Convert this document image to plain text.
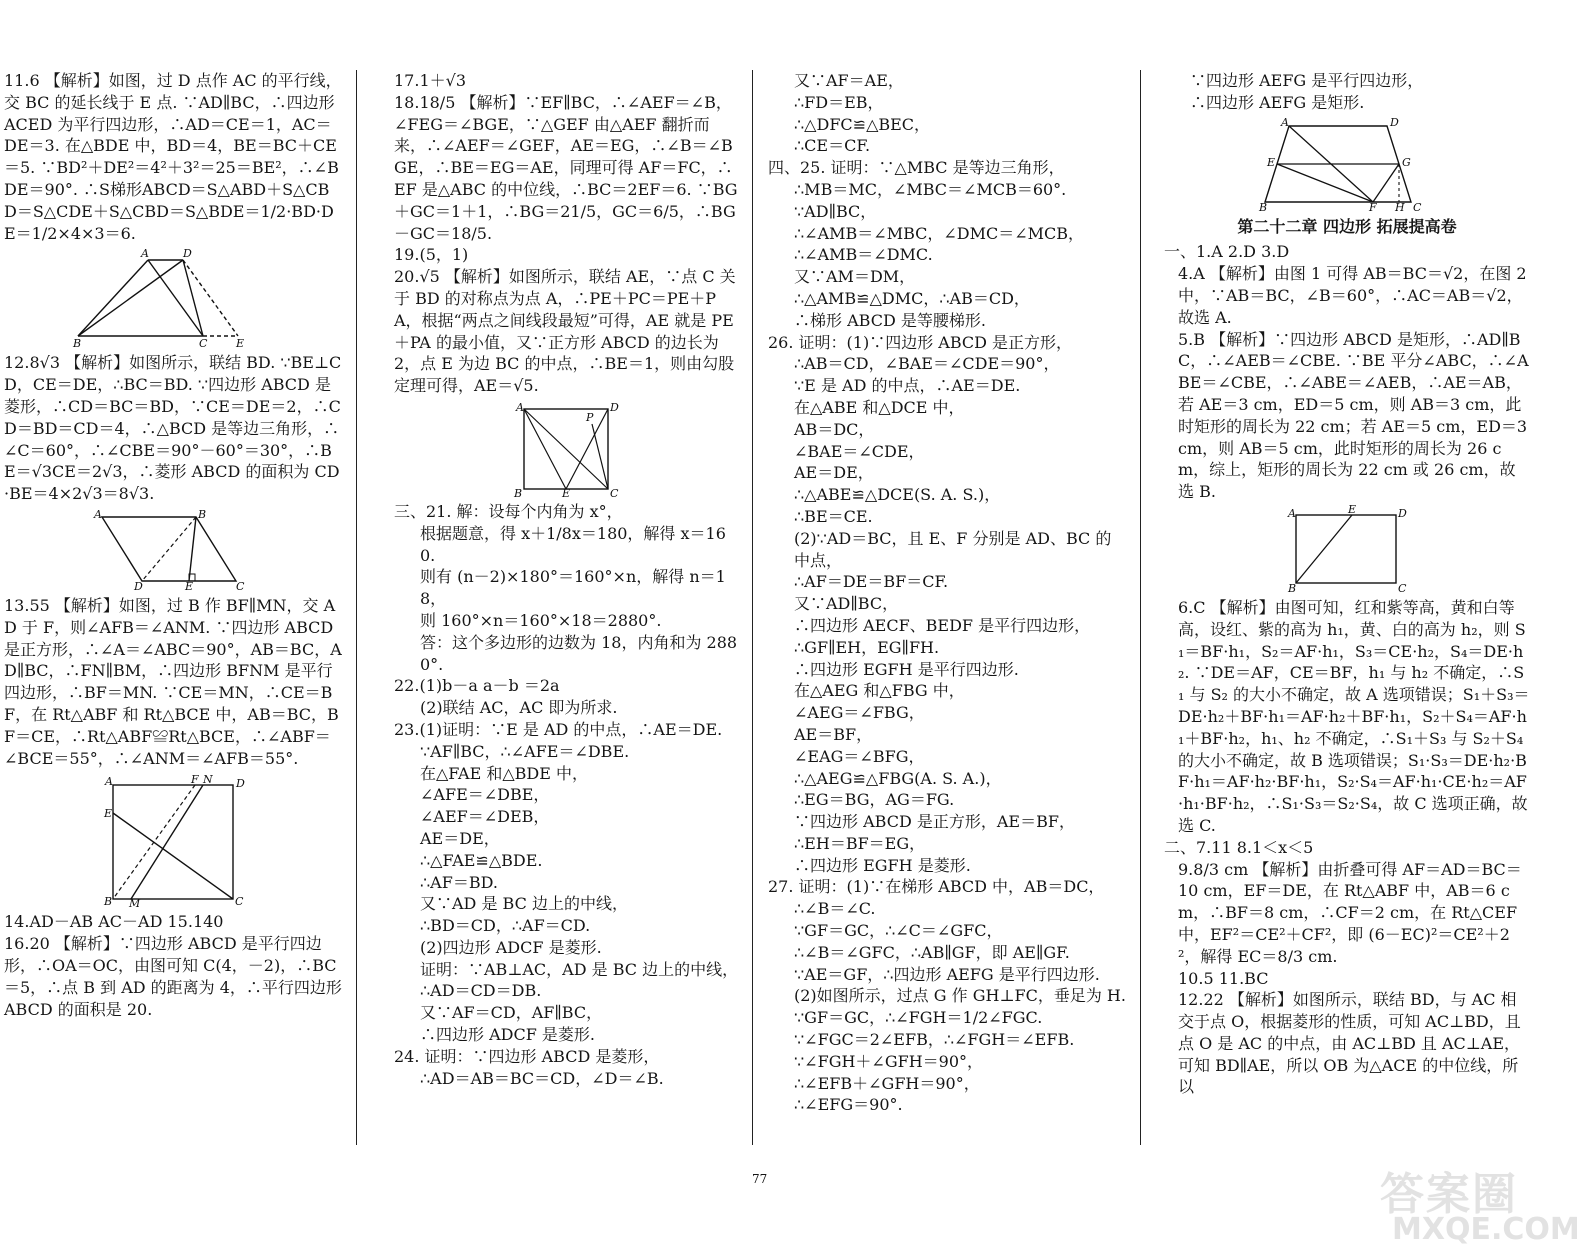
11.6 【解析】如图，过 D 点作 AC 的平行线，交 BC 的延长线于 E 点. ∵AD∥BC，∴四边形 ACED 为平行四边形，∴AD＝CE＝1，AC＝DE＝3. 在△BDE 中，BD＝4，BE＝BC＋CE＝5. ∵BD²＋DE²＝4²＋3²＝25＝BE²，∴∠BDE＝90°. ∴S梯形ABCD＝S△ABD＋S△CBD＝S△CDE＋S△CBD＝S△BDE＝1/2·BD·DE＝1/2×4×3＝6.

A	D
B	C	E

12.8√3 【解析】如图所示，联结 BD. ∵BE⊥CD，CE＝DE，∴BC＝BD. ∵四边形 ABCD 是菱形，∴CD＝BC＝BD，∵CE＝DE＝2，∴CD＝BD＝CD＝4，∴△BCD 是等边三角形，∴∠C＝60°，∴∠CBE＝90°－60°＝30°，∴BE＝√3CE＝2√3，∴菱形 ABCD 的面积为 CD·BE＝4×2√3＝8√3.

A	B
D	E	C

13.55 【解析】如图，过 B 作 BF∥MN，交 AD 于 F，则∠AFB＝∠ANM. ∵四边形 ABCD 是正方形，∴∠A＝∠ABC＝90°，AB＝BC，AD∥BC，∴FN∥BM，∴四边形 BFNM 是平行四边形，∴BF＝MN. ∵CE＝MN，∴CE＝BF，在 Rt△ABF 和 Rt△BCE 中，AB＝BC，BF＝CE，∴Rt△ABF≌Rt△BCE，∴∠ABF＝∠BCE＝55°，∴∠ANM＝∠AFB＝55°.

A	F N D
E
B M	C

14.AD－AB AC－AD 15.140

16.20 【解析】∵四边形 ABCD 是平行四边形，∴OA＝OC，由图可知 C(4，－2)，∴BC＝5，∴点 B 到 AD 的距离为 4，∴平行四边形 ABCD 的面积是 20.

17.1＋√3

18.18/5 【解析】∵EF∥BC，∴∠AEF＝∠B，∠FEG＝∠BGE，∵△GEF 由△AEF 翻折而来，∴∠AEF＝∠GEF，AE＝EG，∴∠B＝∠BGE，∴BE＝EG＝AE，同理可得 AF＝FC，∴EF 是△ABC 的中位线，∴BC＝2EF＝6. ∵BG＋GC＝1＋1，∴BG＝21/5，GC＝6/5，∴BG－GC＝18/5.

19.(5，1)

20.√5 【解析】如图所示，联结 AE，∵点 C 关于 BD 的对称点为点 A，∴PE＋PC＝PE＋PA，根据“两点之间线段最短”可得，AE 就是 PE＋PA 的最小值，又∵正方形 ABCD 的边长为 2，点 E 为边 BC 的中点，∴BE＝1，则由勾股定理可得，AE＝√5.

A	D
P
B	E	C

三、21. 解：设每个内角为 x°，

根据题意，得 x＋1/8x＝180，解得 x＝160.

则有 (n－2)×180°＝160°×n，解得 n＝18，

则 160°×n＝160°×18＝2880°.

答：这个多边形的边数为 18，内角和为 2880°.

22.(1)b－a a－b ＝2a

(2)联结 AC，AC 即为所求.

23.(1)证明：∵E 是 AD 的中点，∴AE＝DE.

∵AF∥BC，∴∠AFE＝∠DBE.

在△FAE 和△BDE 中，

∠AFE＝∠DBE，

∠AEF＝∠DEB，

AE＝DE，

∴△FAE≌△BDE.

∴AF＝BD.

又∵AD 是 BC 边上的中线，

∴BD＝CD，∴AF＝CD.

(2)四边形 ADCF 是菱形.

证明：∵AB⊥AC，AD 是 BC 边上的中线，

∴AD＝CD＝DB.

又∵AF＝CD，AF∥BC，

∴四边形 ADCF 是菱形.

24. 证明：∵四边形 ABCD 是菱形，

∴AD＝AB＝BC＝CD，∠D＝∠B.

又∵AF＝AE，

∴FD＝EB，

∴△DFC≌△BEC，

∴CE＝CF.

四、25. 证明：∵△MBC 是等边三角形，

∴MB＝MC，∠MBC＝∠MCB＝60°.

∵AD∥BC，

∴∠AMB＝∠MBC，∠DMC＝∠MCB，

∴∠AMB＝∠DMC.

又∵AM＝DM，

∴△AMB≌△DMC，∴AB＝CD，

∴梯形 ABCD 是等腰梯形.

26. 证明：(1)∵四边形 ABCD 是正方形，

∴AB＝CD，∠BAE＝∠CDE＝90°，

∵E 是 AD 的中点，∴AE＝DE.

在△ABE 和△DCE 中，

AB＝DC，

∠BAE＝∠CDE，

AE＝DE，

∴△ABE≌△DCE(S. A. S.)，

∴BE＝CE.

(2)∵AD＝BC，且 E、F 分别是 AD、BC 的中点，

∴AF＝DE＝BF＝CF.

又∵AD∥BC，

∴四边形 AECF、BEDF 是平行四边形，

∴GF∥EH，EG∥FH.

∴四边形 EGFH 是平行四边形.

在△AEG 和△FBG 中，

∠AEG＝∠FBG，

AE＝BF，

∠EAG＝∠BFG，

∴△AEG≌△FBG(A. S. A.)，

∴EG＝BG，AG＝FG.

∵四边形 ABCD 是正方形，AE＝BF，

∴EH＝BF＝EG，

∴四边形 EGFH 是菱形.

27. 证明：(1)∵在梯形 ABCD 中，AB＝DC，

∴∠B＝∠C.

∵GF＝GC，∴∠C＝∠GFC，

∴∠B＝∠GFC，∴AB∥GF，即 AE∥GF.

∵AE＝GF，∴四边形 AEFG 是平行四边形.

(2)如图所示，过点 G 作 GH⊥FC，垂足为 H.

∵GF＝GC，∴∠FGH＝1/2∠FGC.

∵∠FGC＝2∠EFB，∴∠FGH＝∠EFB.

∵∠FGH＋∠GFH＝90°，

∴∠EFB＋∠GFH＝90°，

∴∠EFG＝90°.

∵四边形 AEFG 是平行四边形，

∴四边形 AEFG 是矩形.

A	D
E	G
B	F H C

第二十二章 四边形 拓展提高卷

一、1.A 2.D 3.D

4.A 【解析】由图 1 可得 AB＝BC＝√2，在图 2 中，∵AB＝BC，∠B＝60°，∴AC＝AB＝√2，故选 A.

5.B 【解析】∵四边形 ABCD 是矩形，∴AD∥BC，∴∠AEB＝∠CBE. ∵BE 平分∠ABC，∴∠ABE＝∠CBE，∴∠ABE＝∠AEB，∴AE＝AB，若 AE＝3 cm，ED＝5 cm，则 AB＝3 cm，此时矩形的周长为 22 cm；若 AE＝5 cm，ED＝3 cm，则 AB＝5 cm，此时矩形的周长为 26 cm，综上，矩形的周长为 22 cm 或 26 cm，故选 B.

A	E	D
B	C

6.C 【解析】由图可知，红和紫等高，黄和白等高，设红、紫的高为 h₁，黄、白的高为 h₂，则 S₁＝BF·h₁，S₂＝AF·h₁，S₃＝CE·h₂，S₄＝DE·h₂. ∵DE＝AF，CE＝BF，h₁ 与 h₂ 不确定，∴S₁ 与 S₂ 的大小不确定，故 A 选项错误；S₁＋S₃＝DE·h₂＋BF·h₁＝AF·h₂＋BF·h₁，S₂＋S₄＝AF·h₁＋BF·h₂，h₁、h₂ 不确定，∴S₁＋S₃ 与 S₂＋S₄ 的大小不确定，故 B 选项错误；S₁·S₃＝DE·h₂·BF·h₁＝AF·h₂·BF·h₁，S₂·S₄＝AF·h₁·CE·h₂＝AF·h₁·BF·h₂，∴S₁·S₃＝S₂·S₄，故 C 选项正确，故选 C.

二、7.11 8.1＜x＜5

9.8/3 cm 【解析】由折叠可得 AF＝AD＝BC＝10 cm，EF＝DE，在 Rt△ABF 中，AB＝6 cm，∴BF＝8 cm，∴CF＝2 cm，在 Rt△CEF 中，EF²＝CE²＋CF²，即 (6－EC)²＝CE²＋2²，解得 EC＝8/3 cm.

10.5 11.BC

12.22 【解析】如图所示，联结 BD，与 AC 相交于点 O，根据菱形的性质，可知 AC⊥BD，且点 O 是 AC 的中点，由 AC⊥BD 且 AC⊥AE，可知 BD∥AE，所以 OB 为△ACE 的中位线，所以

77	答案圈
MXQE.COM
